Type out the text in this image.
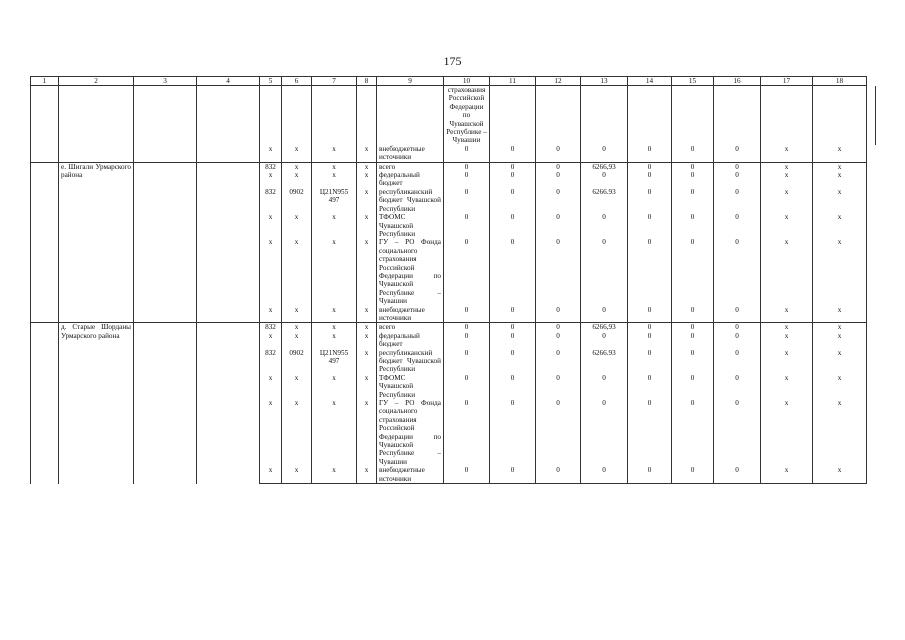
175
1	2	3	4	5	6	7	8	9	10	11	12	13	14	15	16	17	18	
									страхования Российской Федерации по Чувашской Республике – Чувашии									
				х	х	х	х	внебюджетные источники	0	0	0	0	0	0	0	х	х	
	е. Шигали Урмарского района			832	х	х	х	всего	0	0	0	6266,93	0	0	0	х	х	
				х	х	х	х	федеральный бюджет	0	0	0	0	0	0	0	х	х	
				832	0902	Ц21N955 497	х	республиканский бюджет Чувашской Республики	0	0	0	6266.93	0	0	0	х	х	
				х	х	х	х	ТФОМС Чувашской Республики	0	0	0	0	0	0	0	х	х	
				х	х	х	х	ГУ – РО Фонда социального страхования Российской Федерации по Чувашской Республике – Чувашии	0	0	0	0	0	0	0	х	х	
				х	х	х	х	внебюджетные источники	0	0	0	0	0	0	0	х	х	
	д. Старые Шорданы Урмарского района			832	х	х	х	всего	0	0	0	6266,93	0	0	0	х	х	
				х	х	х	х	федеральный бюджет	0	0	0	0	0	0	0	х	х	
				832	0902	Ц21N955 497	х	республиканский бюджет Чувашской Республики	0	0	0	6266.93	0	0	0	х	х	
				х	х	х	х	ТФОМС Чувашской Республики	0	0	0	0	0	0	0	х	х	
				х	х	х	х	ГУ – РО Фонда социального страхования Российской Федерации по Чувашской Республике – Чувашии	0	0	0	0	0	0	0	х	х	
				х	х	х	х	внебюджетные источники	0	0	0	0	0	0	0	х	х	
